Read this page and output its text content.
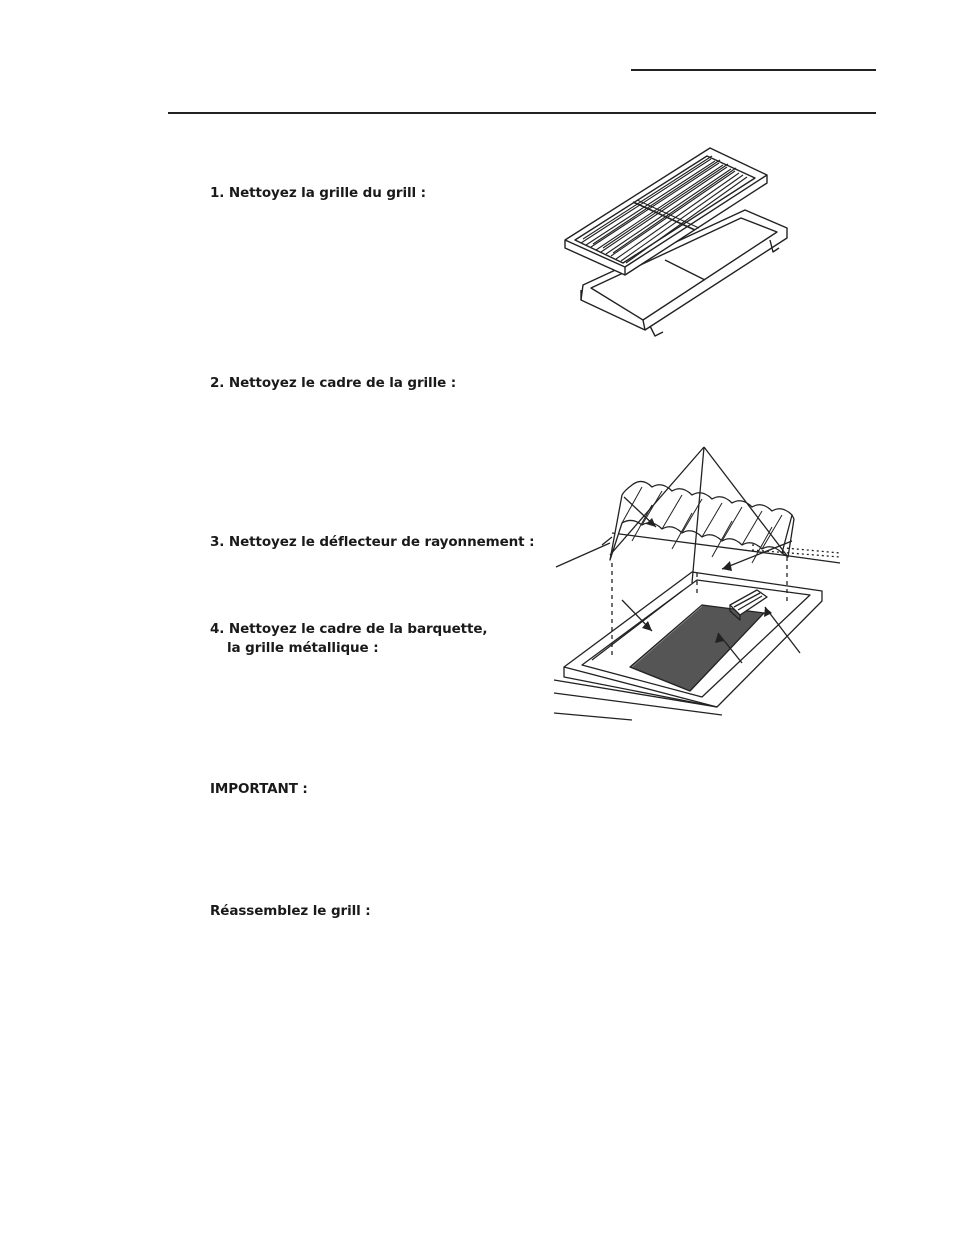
1. Nettoyez la grille du grill :
2. Nettoyez le cadre de la grille :
3. Nettoyez le déflecteur de rayonnement :
4. Nettoyez le cadre de la barquette,
la grille métallique :
IMPORTANT :
Réassemblez le grill :
